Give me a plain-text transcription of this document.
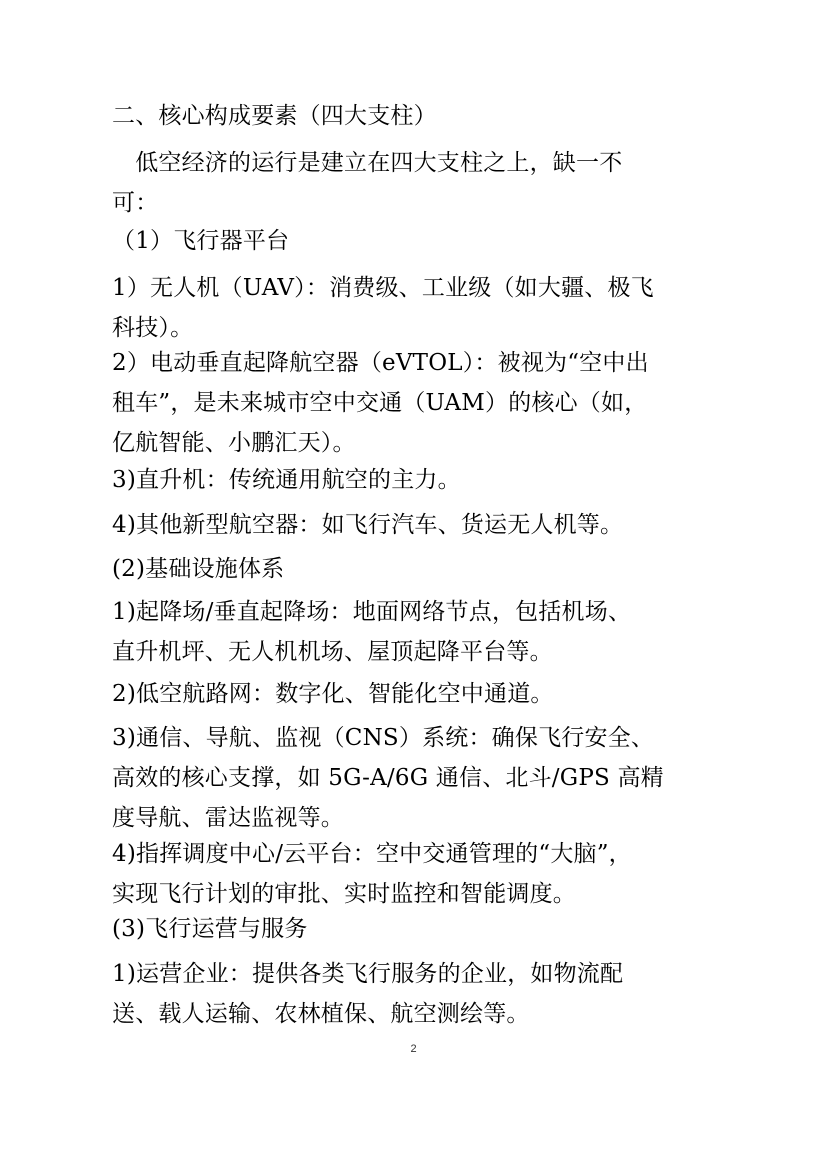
二、核心构成要素（四大支柱）
　低空经济的运行是建立在四大支柱之上，缺一不
可：
（1）飞行器平台
1）无人机（UAV）：消费级、工业级（如大疆、极飞
科技）。
2）电动垂直起降航空器（eVTOL）：被视为“空中出
租车”，是未来城市空中交通（UAM）的核心（如，
亿航智能、小鹏汇天）。
3)直升机：传统通用航空的主力。
4)其他新型航空器：如飞行汽车、货运无人机等。
(2)基础设施体系
1)起降场/垂直起降场：地面网络节点，包括机场、
直升机坪、无人机机场、屋顶起降平台等。
2)低空航路网：数字化、智能化空中通道。
3)通信、导航、监视（CNS）系统：确保飞行安全、
高效的核心支撑，如 5G-A/6G 通信、北斗/GPS 高精
度导航、雷达监视等。
4)指挥调度中心/云平台：空中交通管理的“大脑”，
实现飞行计划的审批、实时监控和智能调度。
(3)飞行运营与服务
1)运营企业：提供各类飞行服务的企业，如物流配
送、载人运输、农林植保、航空测绘等。
2
